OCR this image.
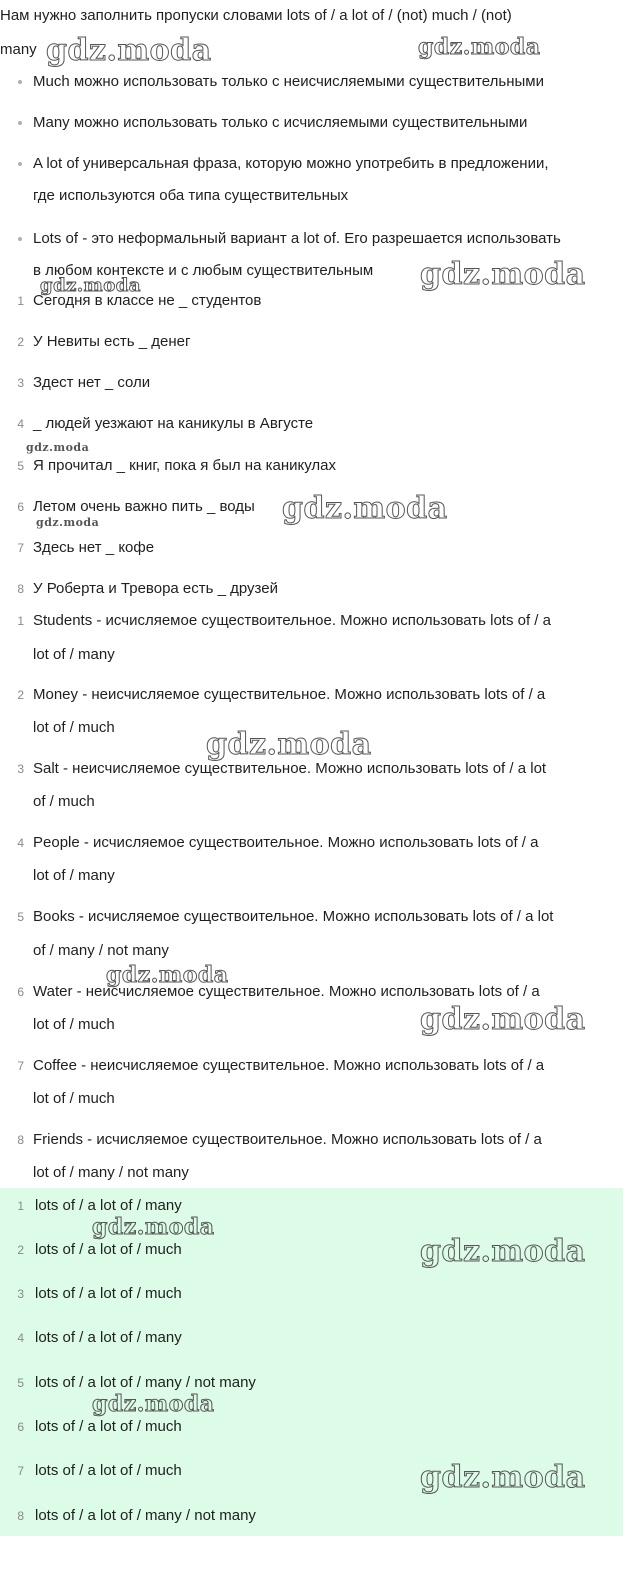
Нам нужно заполнить пропуски словами lots of / a lot of / (not) much / (not)
many
Much можно использовать только с неисчисляемыми существительными
Many можно использовать только с исчисляемыми существительными
A lot of универсальная фраза, которую можно употребить в предложении,
где используются оба типа существительных
Lots of - это неформальный вариант a lot of. Его разрешается использовать
в любом контексте и с любым существительным
1 Сегодня в классе не _ студентов
2 У Невиты есть _ денег
3 Здест нет _ соли
4 _ людей уезжают на каникулы в Августе
5 Я прочитал _ книг, пока я был на каникулах
6 Летом очень важно пить _ воды
7 Здесь нет _ кофе
8 У Роберта и Тревора есть _ друзей
1 Students - исчисляемое существоительное. Можно использовать lots of / a
lot of / many
2 Money - неисчисляемое существительное. Можно использовать lots of / a
lot of / much
3 Salt - неисчисляемое существительное. Можно использовать lots of / a lot
of / much
4 People - исчисляемое существоительное. Можно использовать lots of / a
lot of / many
5 Books - исчисляемое существоительное. Можно использовать lots of / a lot
of / many / not many
6 Water - неисчисляемое существительное. Можно использовать lots of / a
lot of / much
7 Coffee - неисчисляемое существительное. Можно использовать lots of / a
lot of / much
8 Friends - исчисляемое существоительное. Можно использовать lots of / a
lot of / many / not many
1 lots of / a lot of / many
2 lots of / a lot of / much
3 lots of / a lot of / much
4 lots of / a lot of / many
5 lots of / a lot of / many / not many
6 lots of / a lot of / much
7 lots of / a lot of / much
8 lots of / a lot of / many / not many
gdz.moda	gdz.moda
gdz.moda
gdz.moda
gdz.moda
gdz.moda
gdz.moda
gdz.moda
gdz.moda
gdz.moda
gdz.moda
gdz.moda
gdz.moda
gdz.moda
